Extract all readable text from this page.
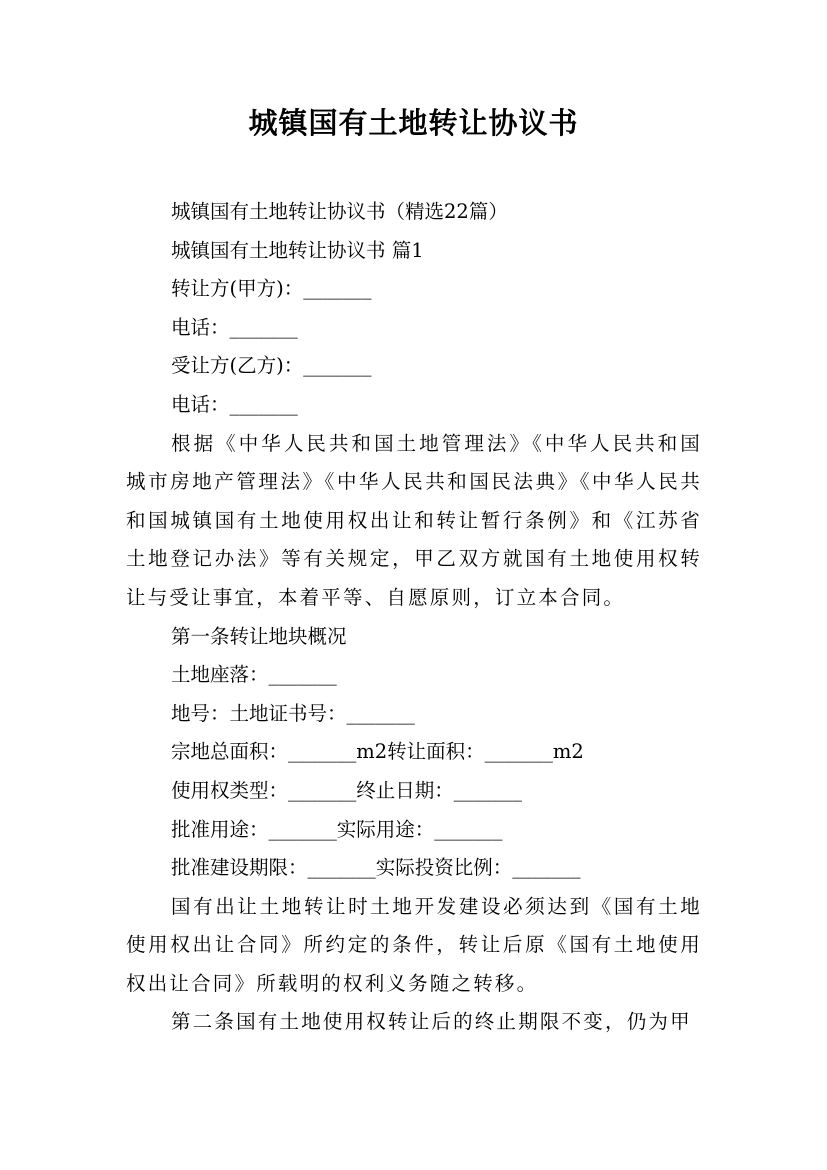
城镇国有土地转让协议书

城镇国有土地转让协议书（精选22篇）

城镇国有土地转让协议书 篇1

转让方(甲方)：_______

电话：_______

受让方(乙方)：_______

电话：_______

根据《中华人民共和国土地管理法》《中华人民共和国城市房地产管理法》《中华人民共和国民法典》《中华人民共和国城镇国有土地使用权出让和转让暂行条例》和《江苏省土地登记办法》等有关规定，甲乙双方就国有土地使用权转让与受让事宜，本着平等、自愿原则，订立本合同。

第一条转让地块概况

土地座落：_______

地号：土地证书号：_______

宗地总面积：_______m2转让面积：_______m2

使用权类型：_______终止日期：_______

批准用途：_______实际用途：_______

批准建设期限：_______实际投资比例：_______

国有出让土地转让时土地开发建设必须达到《国有土地使用权出让合同》所约定的条件，转让后原《国有土地使用权出让合同》所载明的权利义务随之转移。

第二条国有土地使用权转让后的终止期限不变，仍为甲
